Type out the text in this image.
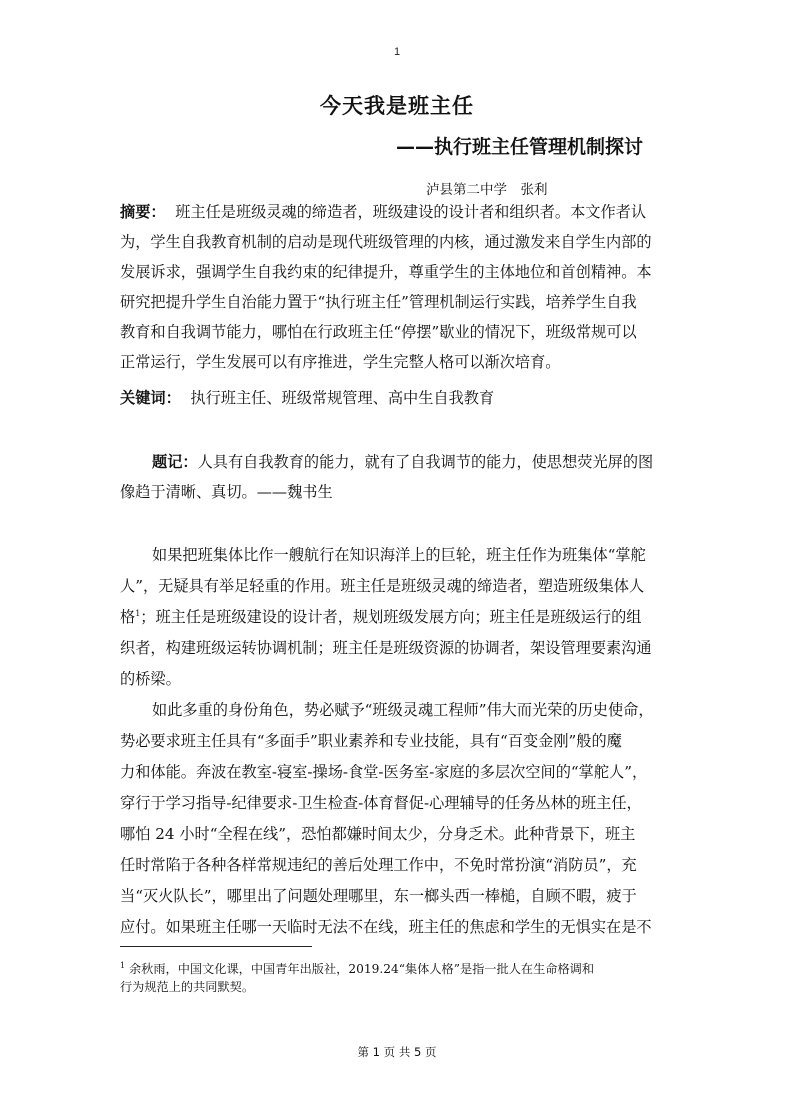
1
今天我是班主任
——执行班主任管理机制探讨
泸县第二中学　张利
摘要： 班主任是班级灵魂的缔造者，班级建设的设计者和组织者。本文作者认
为，学生自我教育机制的启动是现代班级管理的内核，通过激发来自学生内部的
发展诉求，强调学生自我约束的纪律提升，尊重学生的主体地位和首创精神。本
研究把提升学生自治能力置于“执行班主任”管理机制运行实践，培养学生自我
教育和自我调节能力，哪怕在行政班主任“停摆”歇业的情况下，班级常规可以
正常运行，学生发展可以有序推进，学生完整人格可以渐次培育。
关键词： 执行班主任、班级常规管理、高中生自我教育
题记：人具有自我教育的能力，就有了自我调节的能力，使思想荧光屏的图
像趋于清晰、真切。——魏书生
如果把班集体比作一艘航行在知识海洋上的巨轮，班主任作为班集体“掌舵
人”，无疑具有举足轻重的作用。班主任是班级灵魂的缔造者，塑造班级集体人
格$^1$；班主任是班级建设的设计者，规划班级发展方向；班主任是班级运行的组
织者，构建班级运转协调机制；班主任是班级资源的协调者，架设管理要素沟通
的桥梁。
如此多重的身份角色，势必赋予“班级灵魂工程师”伟大而光荣的历史使命，
势必要求班主任具有“多面手”职业素养和专业技能，具有“百变金刚”般的魔
力和体能。奔波在教室-寝室-操场-食堂-医务室-家庭的多层次空间的“掌舵人”，
穿行于学习指导-纪律要求-卫生检查-体育督促-心理辅导的任务丛林的班主任，
哪怕 24 小时“全程在线”，恐怕都嫌时间太少，分身乏术。此种背景下，班主
任时常陷于各种各样常规违纪的善后处理工作中，不免时常扮演“消防员”，充
当“灭火队长”，哪里出了问题处理哪里，东一榔头西一棒槌，自顾不暇，疲于
应付。如果班主任哪一天临时无法不在线，班主任的焦虑和学生的无惧实在是不
$^1$ 余秋雨，中国文化课，中国青年出版社，2019.24“集体人格”是指一批人在生命格调和
行为规范上的共同默契。
第 1 页 共 5 页
